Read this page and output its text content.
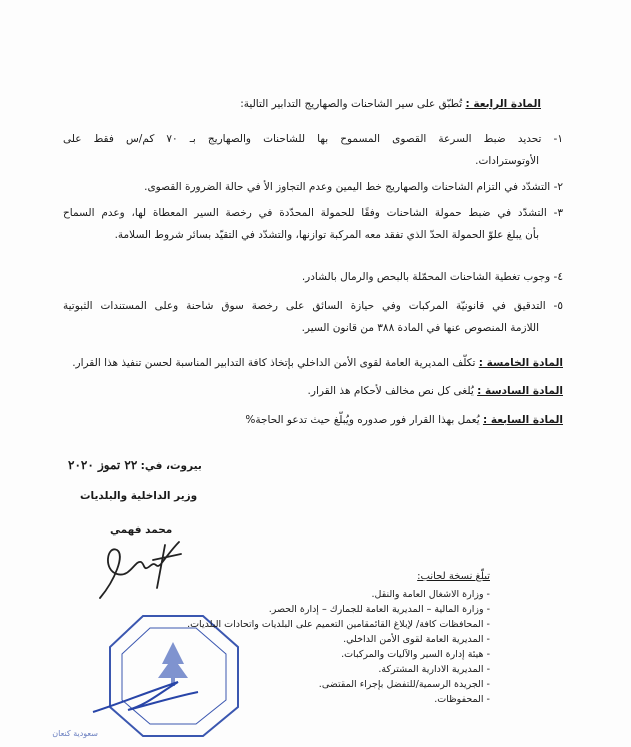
المادة الرابعة : تُطبّق على سير الشاحنات والصهاريج التدابير التالية:
١- تحديد ضبط السرعة القصوى المسموح بها للشاحنات والصهاريج بـ ٧٠ كم/س فقط على
الأوتوسترادات.
٢- التشدّد في التزام الشاحنات والصهاريج خط اليمين وعدم التجاوز الأ في حالة الضرورة القصوى.
٣- التشدّد في ضبط حمولة الشاحنات وفقًا للحمولة المحدّدة في رخصة السير المعطاة لها، وعدم السماح
بأن يبلغ علوّ الحمولة الحدّ الذي تفقد معه المركبة توازنها، والتشدّد في التقيّد بسائر شروط السلامة.
٤- وجوب تغطية الشاحنات المحمّلة بالبحص والرمال بالشادر.
٥- التدقيق في قانونيّة المركبات وفي حيازة السائق على رخصة سوق شاحنة وعلى المستندات الثبوتية
اللازمة المنصوص عنها في المادة ٣٨٨ من قانون السير.
المادة الخامسة : تكلّف المديرية العامة لقوى الأمن الداخلي بإتخاذ كافة التدابير المناسبة لحسن تنفيذ هذا القرار.
المادة السادسة : يُلغى كل نص مخالف لأحكام هذ القرار.
المادة السابعة : يُعمل بهذا القرار فور صدوره ويُبلّغ حيث تدعو الحاجة%
بيروت، في: ٢٢ تموز ٢٠٢٠
وزير الداخلية والبلديات
محمد فهمي
سعودية كنعان
تبلّغ نسخة لجانب:
- وزارة الاشغال العامة والنقل.
- وزارة المالية – المديرية العامة للجمارك – إدارة الحصر.
- المحافظات كافة/ لإبلاغ القائمقامين التعميم على البلديات واتحادات البلديات.
- المديرية العامة لقوى الأمن الداخلي.
- هيئة إدارة السير والآليات والمركبات.
- المديرية الادارية المشتركة.
- الجريدة الرسمية/للتفضل بإجراء المقتضى.
- المحفوظات.
